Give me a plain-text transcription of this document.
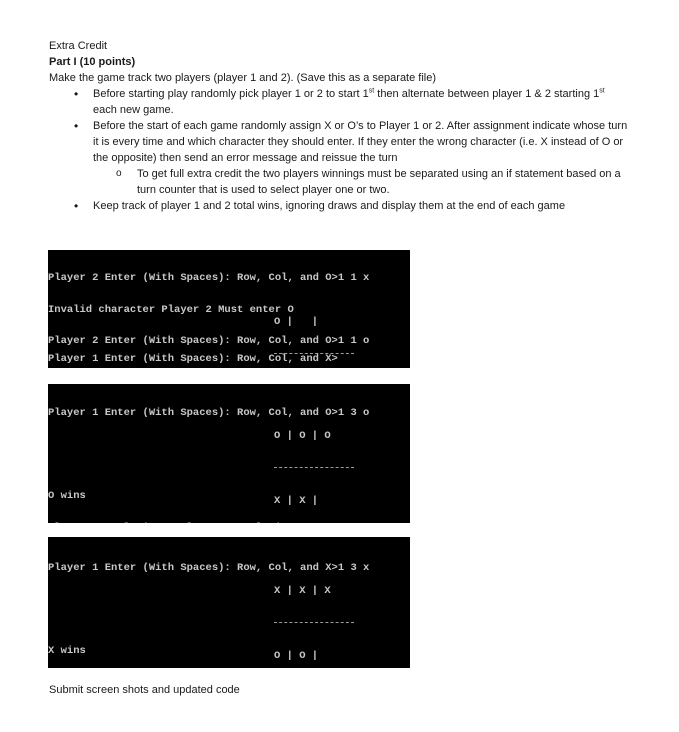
Extra Credit

Part I (10 points)

Make the game track two players (player 1 and 2). (Save this as a separate file)

• Before starting play randomly pick player 1 or 2 to start 1st then alternate between player 1 & 2 starting 1st each new game.
• Before the start of each game randomly assign X or O’s to Player 1 or 2. After assignment indicate whose turn it is every time and which character they should enter. If they enter the wrong character (i.e. X instead of O or the opposite) then send an error message and reissue the turn
o To get full extra credit the two players winnings must be separated using an if statement based on a turn counter that is used to select player one or two.
• Keep track of player 1 and 2 total wins, ignoring draws and display them at the end of each game

Player 2 Enter (With Spaces): Row, Col, and O>1 1 x

Invalid character Player 2 Must enter O

Player 2 Enter (With Spaces): Row, Col, and O>1 1 o

O |   |

Player 1 Enter (With Spaces): Row, Col, and X>

Player 1 Enter (With Spaces): Row, Col, and O>1 3 o

O | O | O

X | X |

O wins

Player 1 Enter (With Spaces): Row, Col, and X>1 3 x

X | X | X

O | O |

X wins

Submit screen shots and updated code
